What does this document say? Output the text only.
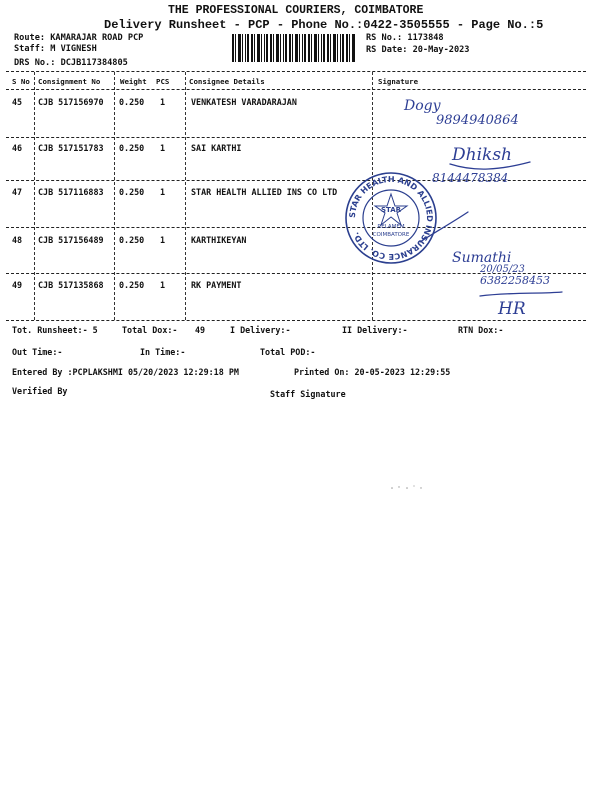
THE PROFESSIONAL COURIERS, COIMBATORE
Delivery Runsheet - PCP - Phone No.:0422-3505555 - Page No.:5
Route: KAMARAJAR ROAD PCP
Staff: M VIGNESH
DRS No.: DCJB117384805
RS No.: 1173848
RS Date: 20-May-2023
S No Consignment No	Weight PCS	Consignee Details	Signature
45 CJB 517156970 0.250 1	VENKATESH VARADARAJAN
46 CJB 517151783 0.250 1	SAI KARTHI
47 CJB 517116883 0.250 1	STAR HEALTH ALLIED INS CO LTD
48 CJB 517156489 0.250 1	KARTHIKEYAN
49 CJB 517135868 0.250 1	RK PAYMENT
Dogy
9894940864
Dhiksh
8144478384
Sumathi
20/05/23
6382258453
HR
STAR HEALTH AND ALLIED INSURANCE CO. LTD.
STAR
RELAMEM
COIMBATORE
Tot. Runsheet:- 5	Total Dox:- 49	I Delivery:-	II Delivery:-	RTN Dox:-
Out Time:-	In Time:-	Total POD:-
Entered By :PCPLAKSHMI 05/20/2023 12:29:18 PM	Printed On: 20-05-2023 12:29:55
Verified By	Staff Signature
